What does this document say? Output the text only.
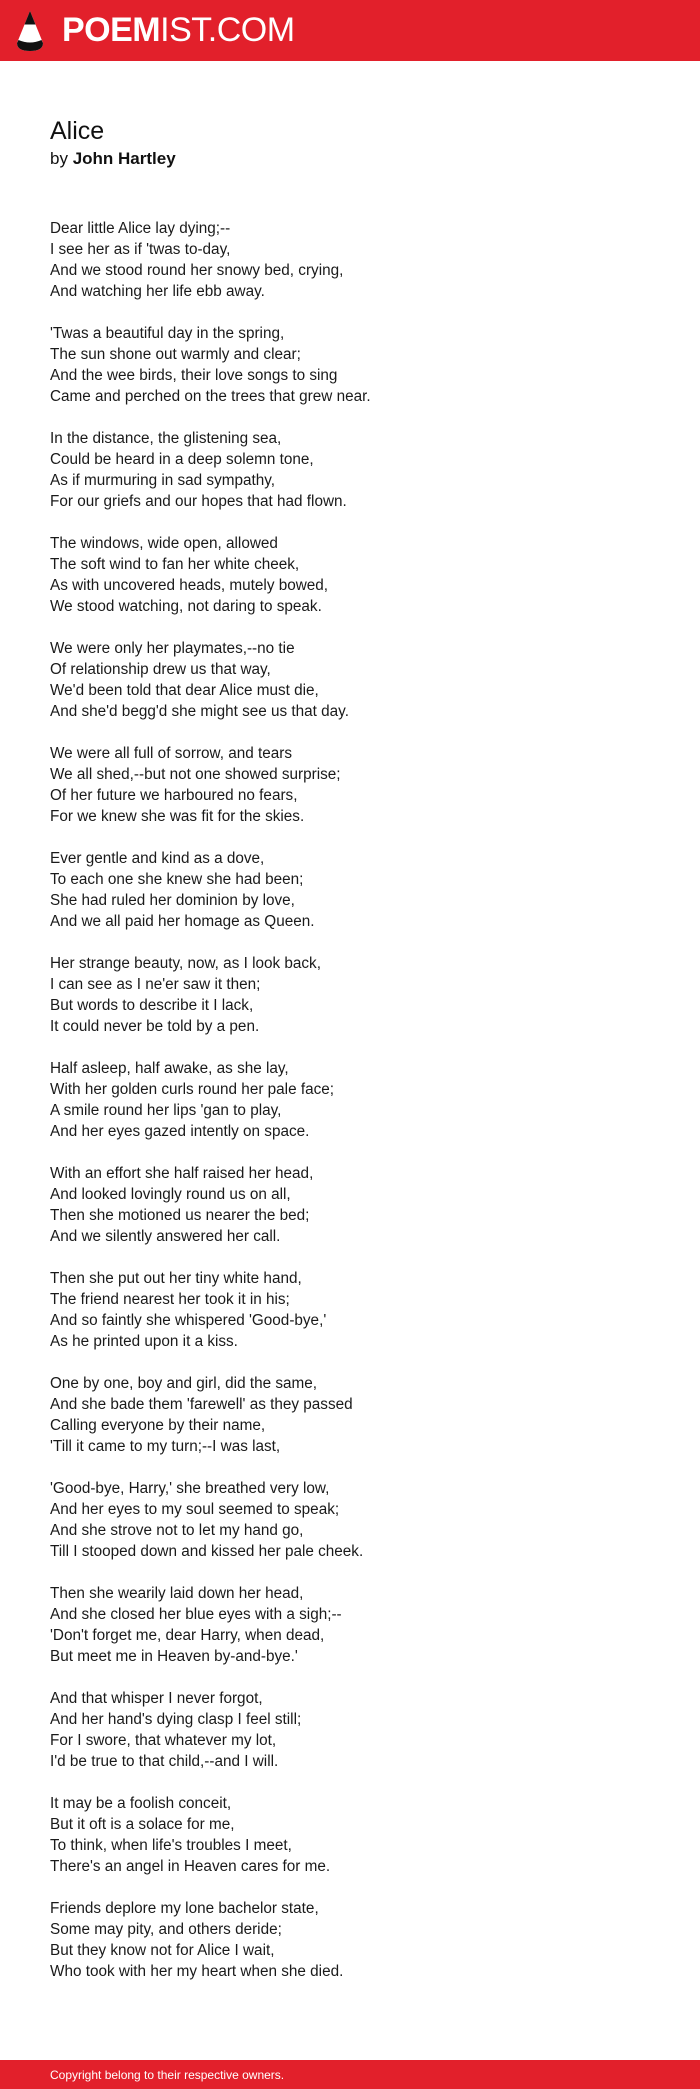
POEMIST.COM
Alice
by John Hartley
Dear little Alice lay dying;--
I see her as if 'twas to-day,
And we stood round her snowy bed, crying,
And watching her life ebb away.
'Twas a beautiful day in the spring,
The sun shone out warmly and clear;
And the wee birds, their love songs to sing
Came and perched on the trees that grew near.
In the distance, the glistening sea,
Could be heard in a deep solemn tone,
As if murmuring in sad sympathy,
For our griefs and our hopes that had flown.
The windows, wide open, allowed
The soft wind to fan her white cheek,
As with uncovered heads, mutely bowed,
We stood watching, not daring to speak.
We were only her playmates,--no tie
Of relationship drew us that way,
We'd been told that dear Alice must die,
And she'd begg'd she might see us that day.
We were all full of sorrow, and tears
We all shed,--but not one showed surprise;
Of her future we harboured no fears,
For we knew she was fit for the skies.
Ever gentle and kind as a dove,
To each one she knew she had been;
She had ruled her dominion by love,
And we all paid her homage as Queen.
Her strange beauty, now, as I look back,
I can see as I ne'er saw it then;
But words to describe it I lack,
It could never be told by a pen.
Half asleep, half awake, as she lay,
With her golden curls round her pale face;
A smile round her lips 'gan to play,
And her eyes gazed intently on space.
With an effort she half raised her head,
And looked lovingly round us on all,
Then she motioned us nearer the bed;
And we silently answered her call.
Then she put out her tiny white hand,
The friend nearest her took it in his;
And so faintly she whispered 'Good-bye,'
As he printed upon it a kiss.
One by one, boy and girl, did the same,
And she bade them 'farewell' as they passed
Calling everyone by their name,
'Till it came to my turn;--I was last,
'Good-bye, Harry,' she breathed very low,
And her eyes to my soul seemed to speak;
And she strove not to let my hand go,
Till I stooped down and kissed her pale cheek.
Then she wearily laid down her head,
And she closed her blue eyes with a sigh;--
'Don't forget me, dear Harry, when dead,
But meet me in Heaven by-and-bye.'
And that whisper I never forgot,
And her hand's dying clasp I feel still;
For I swore, that whatever my lot,
I'd be true to that child,--and I will.
It may be a foolish conceit,
But it oft is a solace for me,
To think, when life's troubles I meet,
There's an angel in Heaven cares for me.
Friends deplore my lone bachelor state,
Some may pity, and others deride;
But they know not for Alice I wait,
Who took with her my heart when she died.
Copyright belong to their respective owners.
